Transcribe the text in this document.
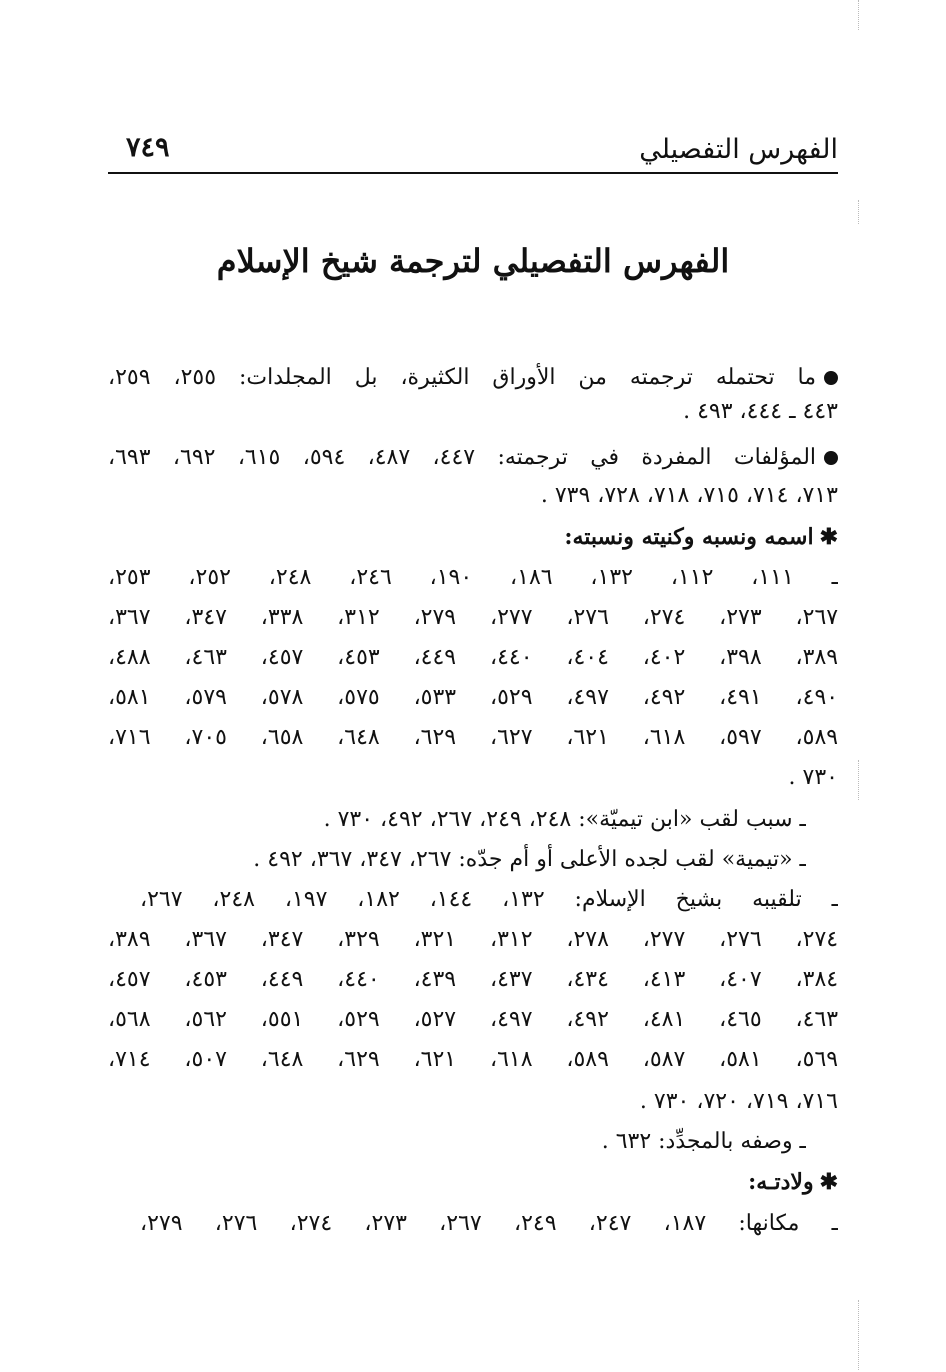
الفهرس التفصيلي
٧٤٩
الفهرس التفصيلي لترجمة شيخ الإسلام
ما تحتمله ترجمته من الأوراق الكثيرة، بل المجلدات: ٢٥٥، ٢٥٩،
٤٤٣ ـ ٤٤٤، ٤٩٣ .
المؤلفات المفردة في ترجمته: ٤٤٧، ٤٨٧، ٥٩٤، ٦١٥، ٦٩٢، ٦٩٣،
٧١٣، ٧١٤، ٧١٥، ٧١٨، ٧٢٨، ٧٣٩ .
✱اسمه ونسبه وكنيته ونسبته:
ـ ١١١، ١١٢، ١٣٢، ١٨٦، ١٩٠، ٢٤٦، ٢٤٨، ٢٥٢، ٢٥٣،
٢٦٧، ٢٧٣، ٢٧٤، ٢٧٦، ٢٧٧، ٢٧٩، ٣١٢، ٣٣٨، ٣٤٧، ٣٦٧،
٣٨٩، ٣٩٨، ٤٠٢، ٤٠٤، ٤٤٠، ٤٤٩، ٤٥٣، ٤٥٧، ٤٦٣، ٤٨٨،
٤٩٠، ٤٩١، ٤٩٢، ٤٩٧، ٥٢٩، ٥٣٣، ٥٧٥، ٥٧٨، ٥٧٩، ٥٨١،
٥٨٩، ٥٩٧، ٦١٨، ٦٢١، ٦٢٧، ٦٢٩، ٦٤٨، ٦٥٨، ٧٠٥، ٧١٦،
٧٣٠ .
ـ سبب لقب «ابن تيميّة»: ٢٤٨، ٢٤٩، ٢٦٧، ٤٩٢، ٧٣٠ .
ـ «تيمية» لقب لجده الأعلى أو أم جدّه: ٢٦٧، ٣٤٧، ٣٦٧، ٤٩٢ .
ـ تلقيبه بشيخ الإسلام: ١٣٢، ١٤٤، ١٨٢، ١٩٧، ٢٤٨، ٢٦٧،
٢٧٤، ٢٧٦، ٢٧٧، ٢٧٨، ٣١٢، ٣٢١، ٣٢٩، ٣٤٧، ٣٦٧، ٣٨٩،
٣٨٤، ٤٠٧، ٤١٣، ٤٣٤، ٤٣٧، ٤٣٩، ٤٤٠، ٤٤٩، ٤٥٣، ٤٥٧،
٤٦٣، ٤٦٥، ٤٨١، ٤٩٢، ٤٩٧، ٥٢٧، ٥٢٩، ٥٥١، ٥٦٢، ٥٦٨،
٥٦٩، ٥٨١، ٥٨٧، ٥٨٩، ٦١٨، ٦٢١، ٦٢٩، ٦٤٨، ٥٠٧، ٧١٤،
٧١٦، ٧١٩، ٧٢٠، ٧٣٠ .
ـ وصفه بالمجدِّد: ٦٣٢ .
✱ولادتـه:
ـ مكانها: ١٨٧، ٢٤٧، ٢٤٩، ٢٦٧، ٢٧٣، ٢٧٤، ٢٧٦، ٢٧٩،
